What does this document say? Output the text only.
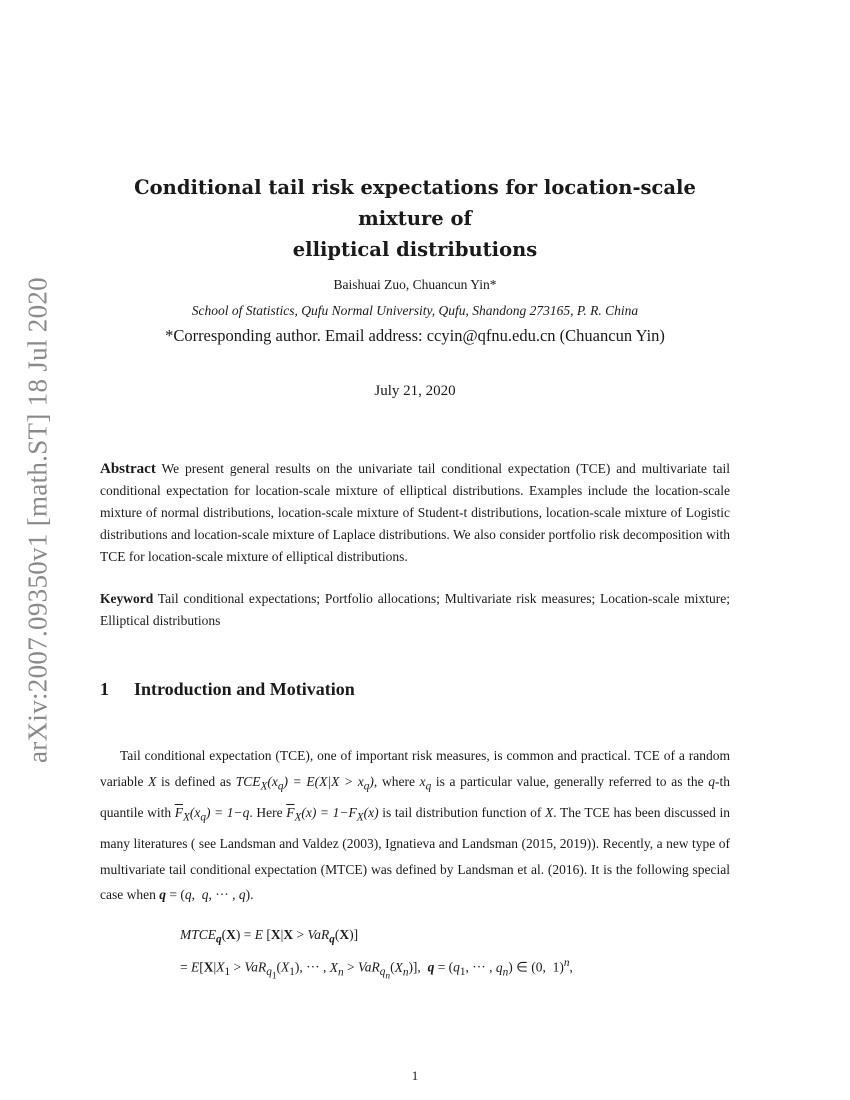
arXiv:2007.09350v1 [math.ST] 18 Jul 2020
Conditional tail risk expectations for location-scale mixture of
elliptical distributions
Baishuai Zuo, Chuancun Yin*
School of Statistics, Qufu Normal University, Qufu, Shandong 273165, P. R. China
*Corresponding author. Email address: ccyin@qfnu.edu.cn (Chuancun Yin)
July 21, 2020
Abstract We present general results on the univariate tail conditional expectation (TCE) and multivariate tail conditional expectation for location-scale mixture of elliptical distributions. Examples include the location-scale mixture of normal distributions, location-scale mixture of Student-t distributions, location-scale mixture of Logistic distributions and location-scale mixture of Laplace distributions. We also consider portfolio risk decomposition with TCE for location-scale mixture of elliptical distributions.
Keyword Tail conditional expectations; Portfolio allocations; Multivariate risk measures; Location-scale mixture; Elliptical distributions
1 Introduction and Motivation
Tail conditional expectation (TCE), one of important risk measures, is common and practical. TCE of a random variable X is defined as $TCE_X(x_q) = E(X|X > x_q)$, where $x_q$ is a particular value, generally referred to as the q-th quantile with $\overline{F}_X(x_q) = 1-q$. Here $\overline{F}_X(x) = 1-F_X(x)$ is tail distribution function of X. The TCE has been discussed in many literatures ( see Landsman and Valdez (2003), Ignatieva and Landsman (2015, 2019)). Recently, a new type of multivariate tail conditional expectation (MTCE) was defined by Landsman et al. (2016). It is the following special case when q = (q,  q, ··· , q).
$MTCE_q(X) = E$ [X|X > VaR$_q$(X)]
= $E[X|X_1 > VaR_{q_1}(X_1)$, ··· , $X_n > VaR_{q_n}(X_n)$],  $q = (q_1$, ··· , $q_n$) ∈ (0,  1)$^n$,
1
